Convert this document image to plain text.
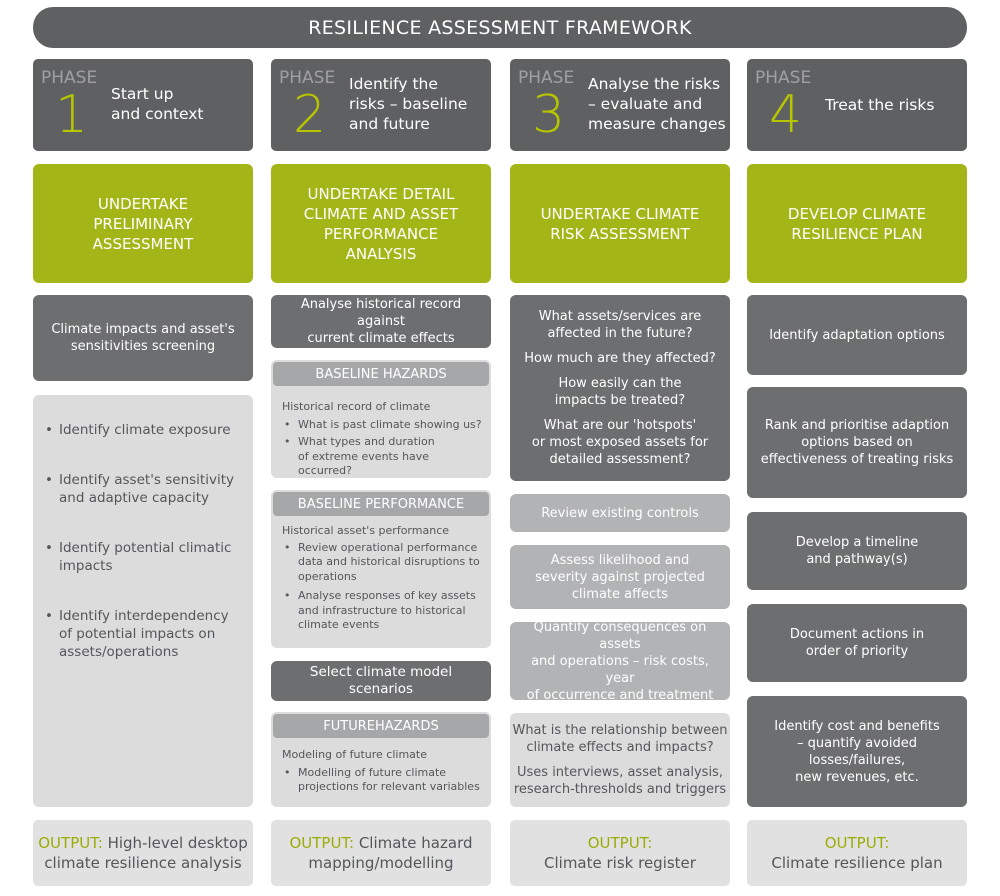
RESILIENCE ASSESSMENT FRAMEWORK
PHASE
1 Start up
and context
UNDERTAKE
PRELIMINARY
ASSESSMENT
Climate impacts and asset's
sensitivities screening
• Identify climate exposure
• Identify asset's sensitivity
and adaptive capacity
• Identify potential climatic
impacts
• Identify interdependency
of potential impacts on
assets/operations
OUTPUT: High-level desktop
climate resilience analysis
PHASE
2
Identify the
risks – baseline
and future
UNDERTAKE DETAIL
CLIMATE AND ASSET
PERFORMANCE
ANALYSIS
Analyse historical record against
current climate effects
BASELINE HAZARDS
Historical record of climate
• What is past climate showing us?
• What types and duration
of extreme events have occurred?
BASELINE PERFORMANCE
Historical asset's performance
• Review operational performance
data and historical disruptions to
operations
• Analyse responses of key assets
and infrastructure to historical
climate events
Select climate model scenarios
FUTUREHAZARDS
Modeling of future climate
• Modelling of future climate
projections for relevant variables
OUTPUT: Climate hazard
mapping/modelling
PHASE
3
Analyse the risks
– evaluate and
measure changes
UNDERTAKE CLIMATE
RISK ASSESSMENT
What assets/services are
affected in the future?
How much are they affected?
How easily can the
impacts be treated?
What are our 'hotspots'
or most exposed assets for
detailed assessment?
Review existing controls
Assess likelihood and
severity against projected
climate affects
Quantify consequences on assets
and operations – risk costs, year
of occurrence and treatment
What is the relationship between
climate effects and impacts?
Uses interviews, asset analysis,
research-thresholds and triggers
OUTPUT:
Climate risk register
PHASE
4 Treat the risks
DEVELOP CLIMATE
RESILIENCE PLAN
Identify adaptation options
Rank and prioritise adaption
options based on
effectiveness of treating risks
Develop a timeline
and pathway(s)
Document actions in
order of priority
Identify cost and benefits
– quantify avoided
losses/failures,
new revenues, etc.
OUTPUT:
Climate resilience plan
